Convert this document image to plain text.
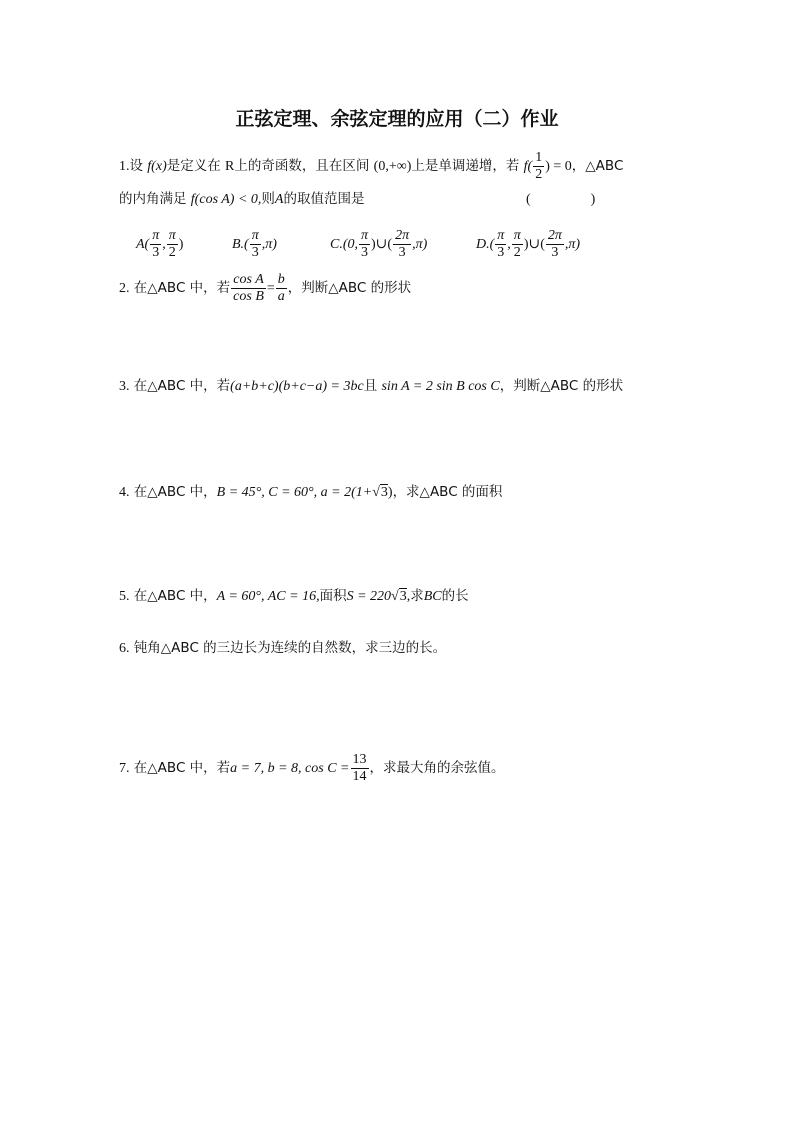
正弦定理、余弦定理的应用（二）作业
1.设 f(x)是定义在 R上的奇函数，且在区间 (0,+∞)上是单调递增，若 $f( \frac{1}{2}$ ) = 0，△ABC
的内角满足 f(cos A) < 0,则A的取值范围是	(	)
$A( \frac{\pi}{3}$ , $\frac{\pi}{2}$ )	$B.( \frac{\pi}{3} ,\pi)$	C.(0, $\frac{\pi}{3}$ )∪( $\frac{2\pi}{3} ,\pi$)	$D.( \frac{\pi}{3}$ , $\frac{\pi}{2}$ )∪( $\frac{2\pi}{3} ,\pi$)
2. 在△ABC 中，若 $\frac{\text{cos A}}{\text{cos B}} = \frac{b}{a}$ ，判断△ABC 的形状
3. 在△ABC 中，若(a+b+c)(b+c−a) = 3bc且 sin A = 2 sin B cos C，判断△ABC 的形状
4. 在△ABC 中，B = 45°, C = 60°, a = 2(1+√3)，求△ABC 的面积
5. 在△ABC 中，A = 60°, AC = 16,面积S = 220√3,求BC的长
6. 钝角△ABC 的三边长为连续的自然数，求三边的长。
7. 在△ABC 中，若a = 7, b = 8, $\cos C = \frac{13}{14}$ ，求最大角的余弦值。
